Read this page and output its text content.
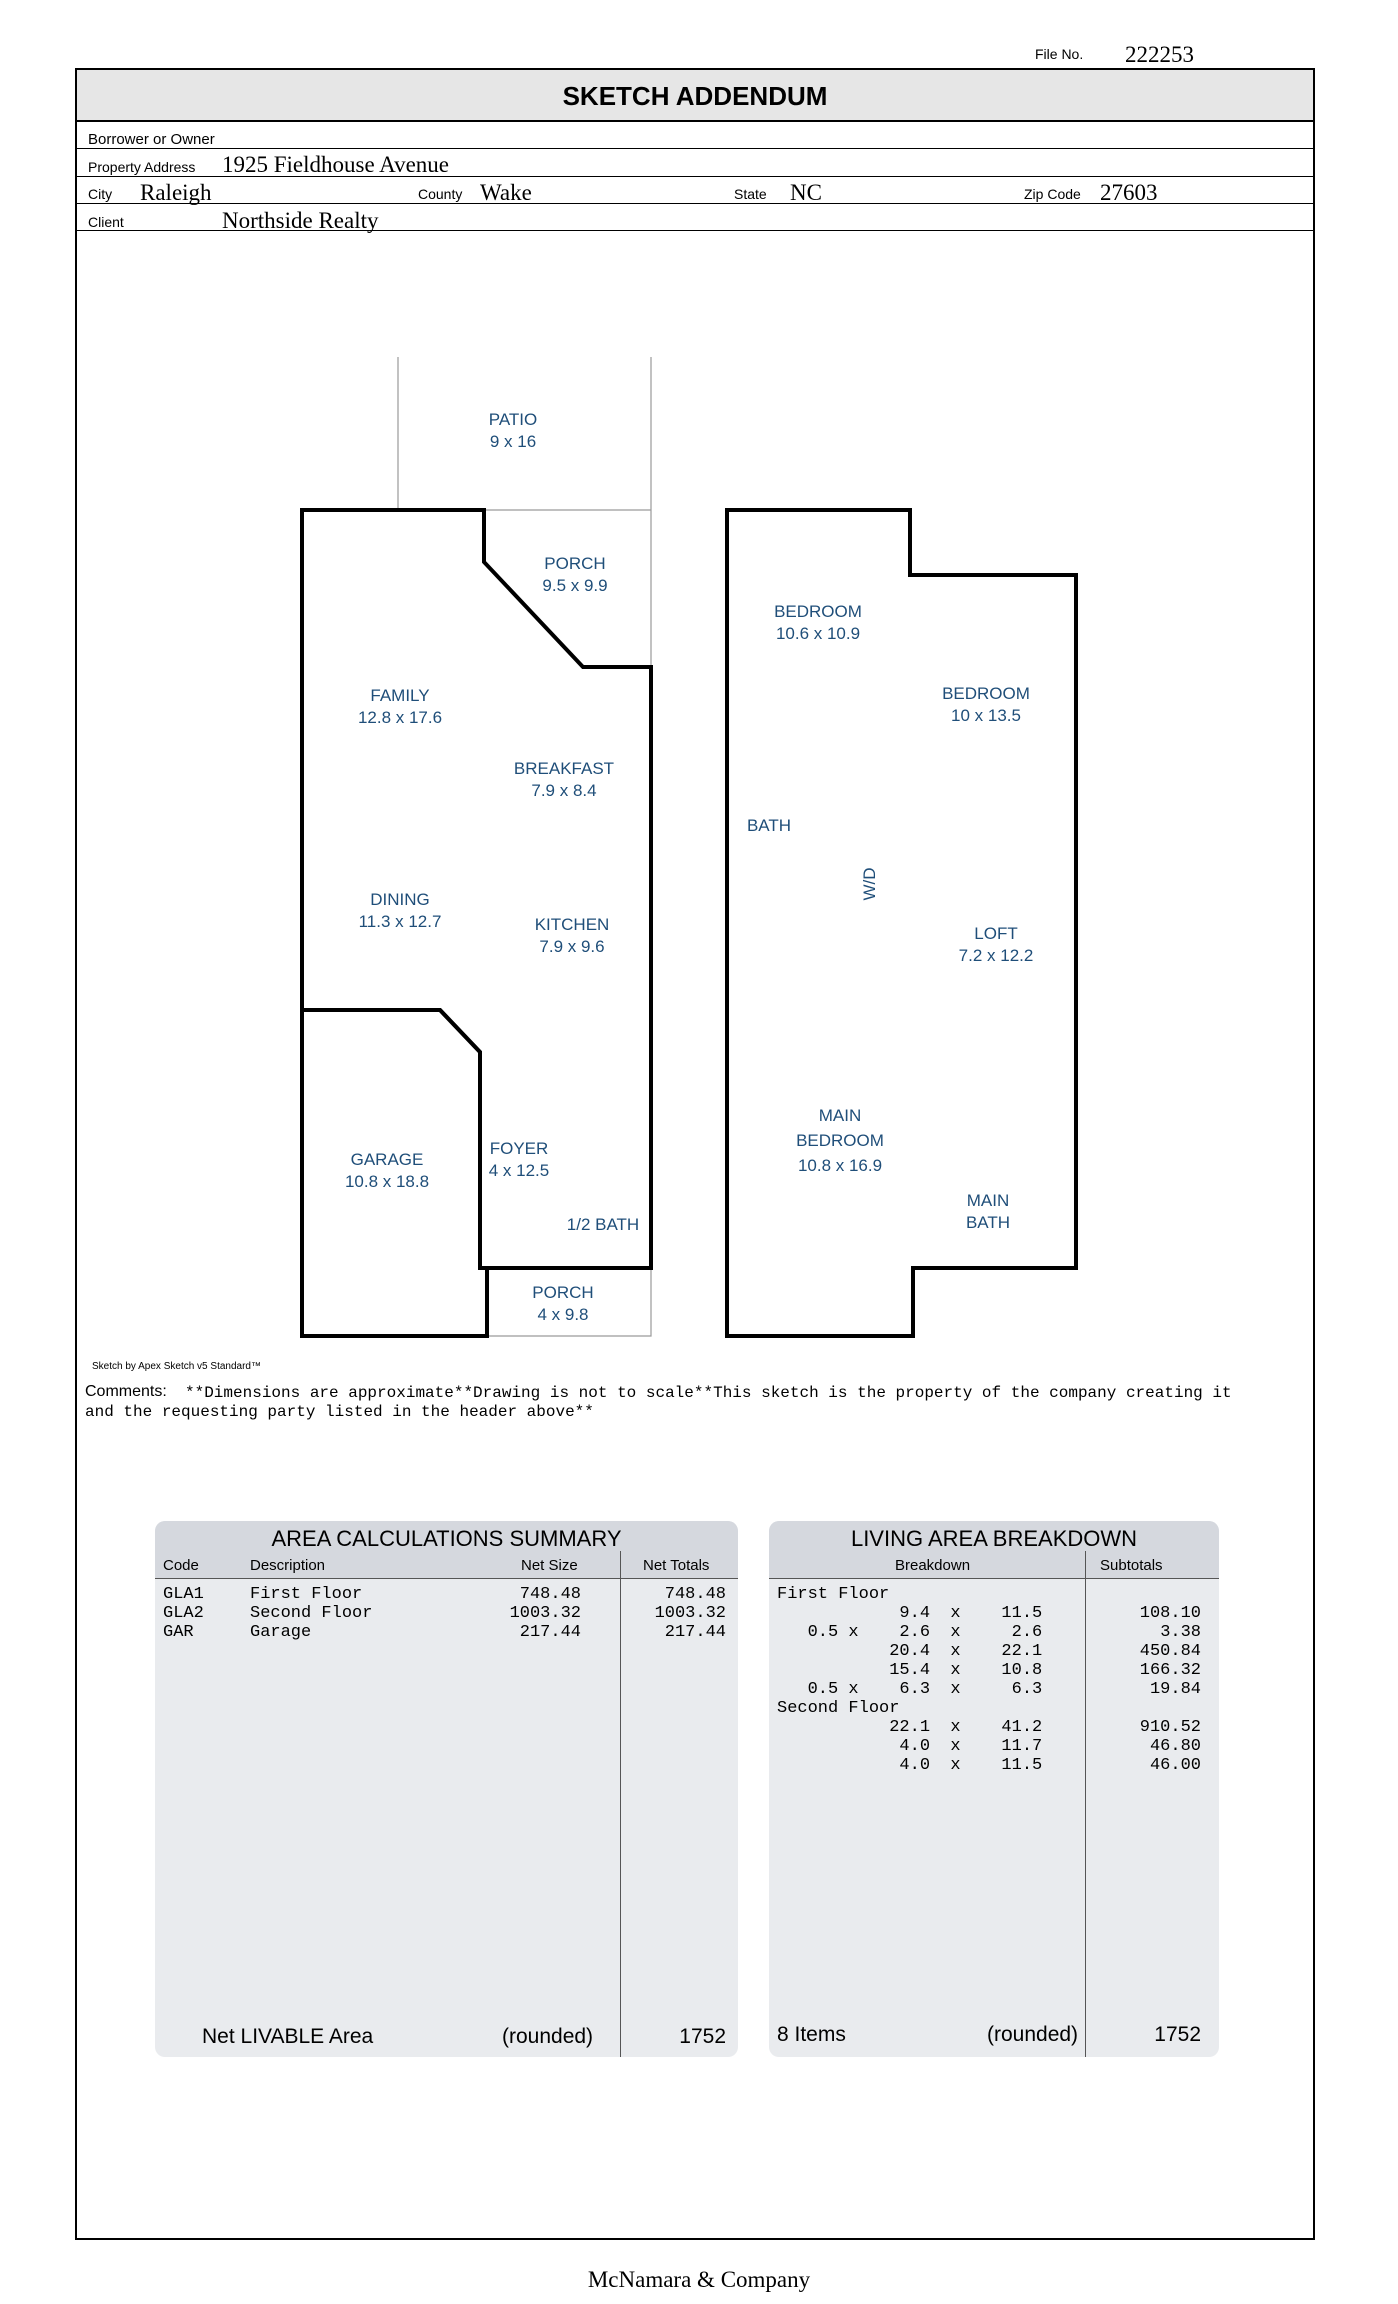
File No. 222253
SKETCH ADDENDUM
Borrower or Owner
Property Address 1925 Fieldhouse Avenue
City Raleigh	County Wake	State NC	Zip Code 27603
Client	Northside Realty
PATIO
9 x 16
PORCH
9.5 x 9.9
FAMILY
12.8 x 17.6
BREAKFAST
7.9 x 8.4
DINING
11.3 x 12.7	KITCHEN
7.9 x 9.6
GARAGE
10.8 x 18.8
FOYER
4 x 12.5
1/2 BATH
PORCH
4 x 9.8
BEDROOM
10.6 x 10.9
BEDROOM
10 x 13.5
BATH
W/D
LOFT
7.2 x 12.2
MAIN
BEDROOM
10.8 x 16.9
MAIN
BATH
Sketch by Apex Sketch v5 Standard™
Comments: **Dimensions are approximate**Drawing is not to scale**This sketch is the property of the company creating it
and the requesting party listed in the header above**
AREA CALCULATIONS SUMMARY
Code	Description	Net Size	Net Totals
GLA1	First Floor	748.48	748.48
GLA2	Second Floor	1003.32	1003.32
GAR	Garage	217.44	217.44
Net LIVABLE Area	(rounded)	1752
LIVING AREA BREAKDOWN
Breakdown	Subtotals
First Floor
9.4  x    11.5	108.10
0.5 x    2.6  x     2.6	3.38
20.4  x    22.1	450.84
15.4  x    10.8	166.32
0.5 x    6.3  x     6.3	19.84
Second Floor
22.1  x    41.2	910.52
4.0  x    11.7	46.80
4.0  x    11.5	46.00
8 Items	(rounded)	1752
McNamara & Company
